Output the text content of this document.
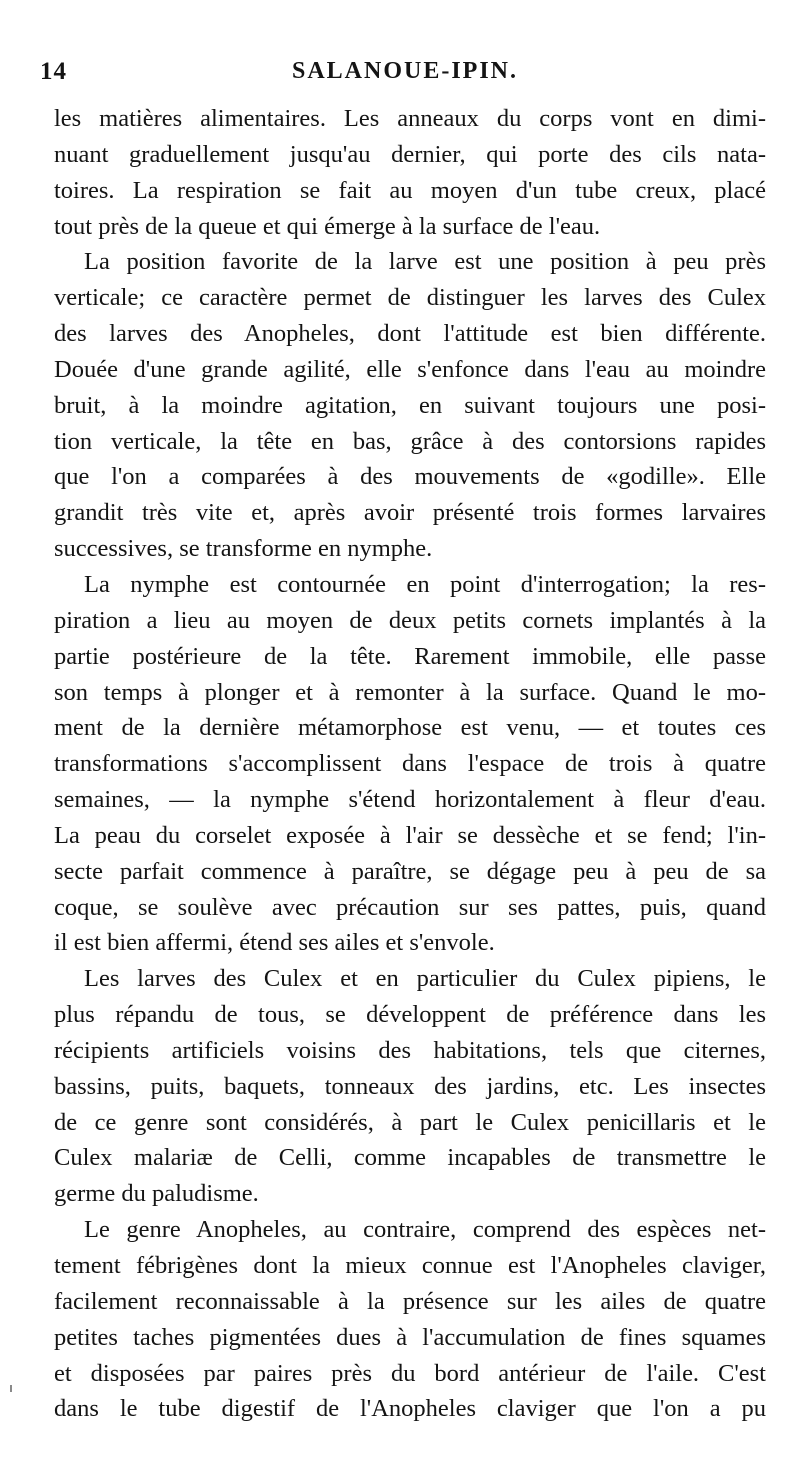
14	SALANOUE-IPIN.
les matières alimentaires. Les anneaux du corps vont en dimi-
nuant graduellement jusqu'au dernier, qui porte des cils nata-
toires. La respiration se fait au moyen d'un tube creux, placé
tout près de la queue et qui émerge à la surface de l'eau.
La position favorite de la larve est une position à peu près
verticale; ce caractère permet de distinguer les larves des Culex
des larves des Anopheles, dont l'attitude est bien différente.
Douée d'une grande agilité, elle s'enfonce dans l'eau au moindre
bruit, à la moindre agitation, en suivant toujours une posi-
tion verticale, la tête en bas, grâce à des contorsions rapides
que l'on a comparées à des mouvements de «godille». Elle
grandit très vite et, après avoir présenté trois formes larvaires
successives, se transforme en nymphe.
La nymphe est contournée en point d'interrogation; la res-
piration a lieu au moyen de deux petits cornets implantés à la
partie postérieure de la tête. Rarement immobile, elle passe
son temps à plonger et à remonter à la surface. Quand le mo-
ment de la dernière métamorphose est venu, — et toutes ces
transformations s'accomplissent dans l'espace de trois à quatre
semaines, — la nymphe s'étend horizontalement à fleur d'eau.
La peau du corselet exposée à l'air se dessèche et se fend; l'in-
secte parfait commence à paraître, se dégage peu à peu de sa
coque, se soulève avec précaution sur ses pattes, puis, quand
il est bien affermi, étend ses ailes et s'envole.
Les larves des Culex et en particulier du Culex pipiens, le
plus répandu de tous, se développent de préférence dans les
récipients artificiels voisins des habitations, tels que citernes,
bassins, puits, baquets, tonneaux des jardins, etc. Les insectes
de ce genre sont considérés, à part le Culex penicillaris et le
Culex malariæ de Celli, comme incapables de transmettre le
germe du paludisme.
Le genre Anopheles, au contraire, comprend des espèces net-
tement fébrigènes dont la mieux connue est l'Anopheles claviger,
facilement reconnaissable à la présence sur les ailes de quatre
petites taches pigmentées dues à l'accumulation de fines squames
et disposées par paires près du bord antérieur de l'aile. C'est
dans le tube digestif de l'Anopheles claviger que l'on a pu
